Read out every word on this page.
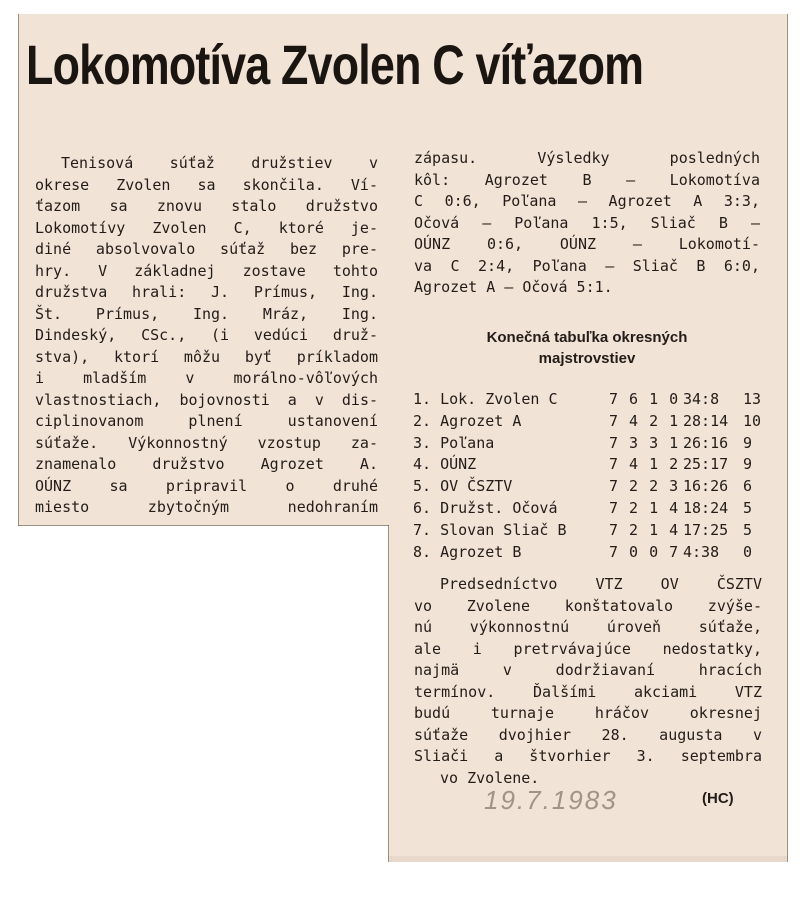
Lokomotíva Zvolen C víťazom
Tenisová súťaž družstiev v
okrese Zvolen sa skončila. Ví-
ťazom sa znovu stalo družstvo
Lokomotívy Zvolen C, ktoré je-
diné absolvovalo súťaž bez pre-
hry. V základnej zostave tohto
družstva hrali: J. Prímus, Ing.
Št. Prímus, Ing. Mráz, Ing.
Dindeský, CSc., (i vedúci druž-
stva), ktorí môžu byť príkladom
i mladším v morálno-vôľových
vlastnostiach, bojovnosti a v dis-
ciplinovanom plnení ustanovení
súťaže. Výkonnostný vzostup za-
znamenalo družstvo Agrozet A.
OÚNZ sa pripravil o druhé
miesto zbytočným nedohraním
zápasu. Výsledky posledných
kôl: Agrozet B — Lokomotíva
C 0:6, Poľana — Agrozet A 3:3,
Očová — Poľana 1:5, Sliač B —
OÚNZ 0:6, OÚNZ — Lokomotí-
va C 2:4, Poľana — Sliač B 6:0,
Agrozet A — Očová 5:1.
Konečná tabuľka okresných
majstrovstiev
1. Lok. Zvolen C	7 6 1 0 34:8 13
2. Agrozet A	7 4 2 1 28:14 10
3. Poľana	7 3 3 1 26:16 9
4. OÚNZ	7 4 1 2 25:17 9
5. OV ČSZTV	7 2 2 3 16:26 6
6. Družst. Očová	7 2 1 4 18:24 5
7. Slovan Sliač B	7 2 1 4 17:25 5
8. Agrozet B	7 0 0 7 4:38 0
Predsedníctvo VTZ OV ČSZTV
vo Zvolene konštatovalo zvýše-
nú výkonnostnú úroveň súťaže,
ale i pretrvávajúce nedostatky,
najmä v dodržiavaní hracích
termínov. Ďalšími akciami VTZ
budú turnaje hráčov okresnej
súťaže dvojhier 28. augusta v
Sliači a štvorhier 3. septembra
vo Zvolene.
19.7.1983	(HC)
